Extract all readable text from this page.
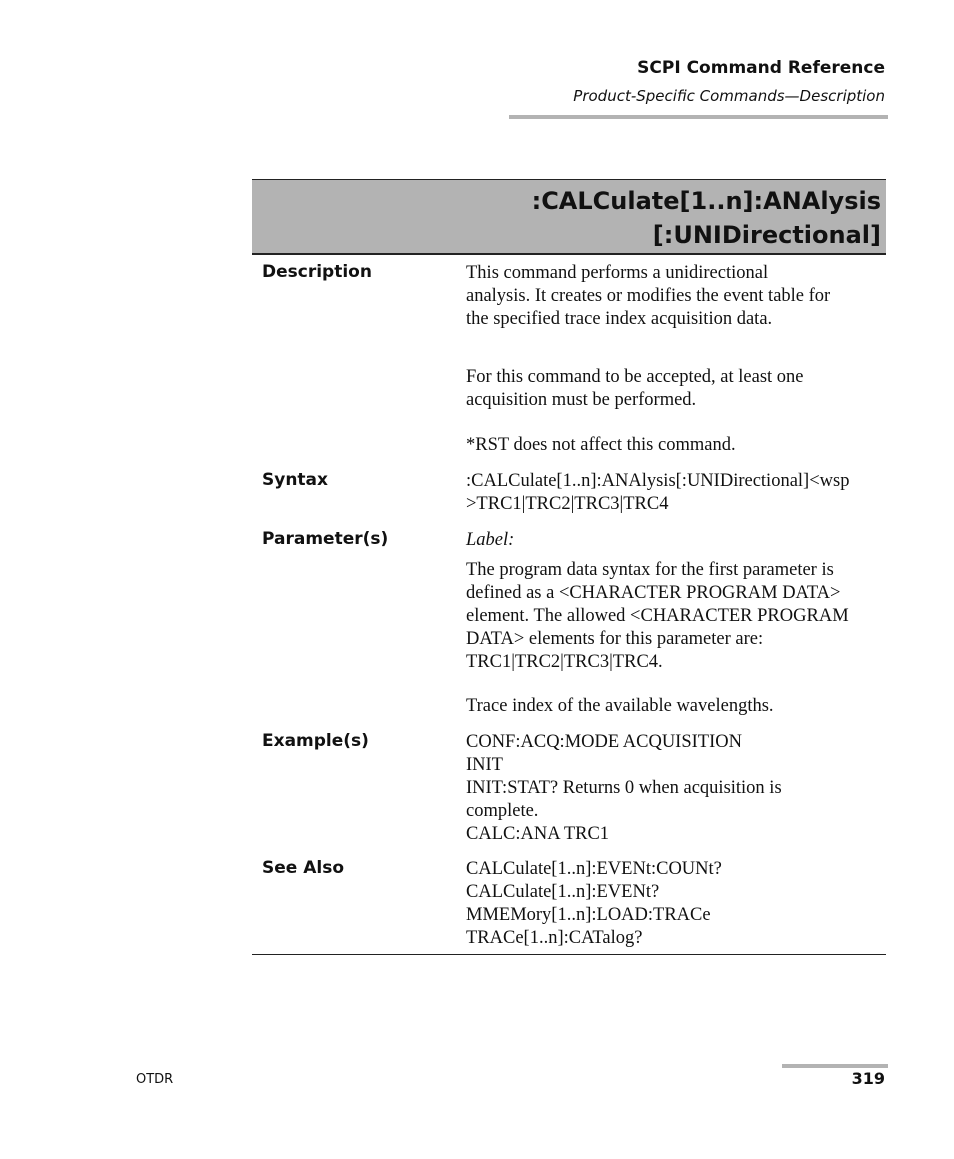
SCPI Command Reference
Product-Specific Commands—Description
:CALCulate[1..n]:ANAlysis
[:UNIDirectional]
Description	This command performs a unidirectional
analysis. It creates or modifies the event table for
the specified trace index acquisition data.
For this command to be accepted, at least one
acquisition must be performed.
*RST does not affect this command.
Syntax	:CALCulate[1..n]:ANAlysis[:UNIDirectional]<wsp
>TRC1|TRC2|TRC3|TRC4
Parameter(s)	Label:
The program data syntax for the first parameter is
defined as a <CHARACTER PROGRAM DATA>
element. The allowed <CHARACTER PROGRAM
DATA> elements for this parameter are:
TRC1|TRC2|TRC3|TRC4.
Trace index of the available wavelengths.
Example(s)	CONF:ACQ:MODE ACQUISITION
INIT
INIT:STAT? Returns 0 when acquisition is
complete.
CALC:ANA TRC1
See Also	CALCulate[1..n]:EVENt:COUNt?
CALCulate[1..n]:EVENt?
MMEMory[1..n]:LOAD:TRACe
TRACe[1..n]:CATalog?
OTDR	319
